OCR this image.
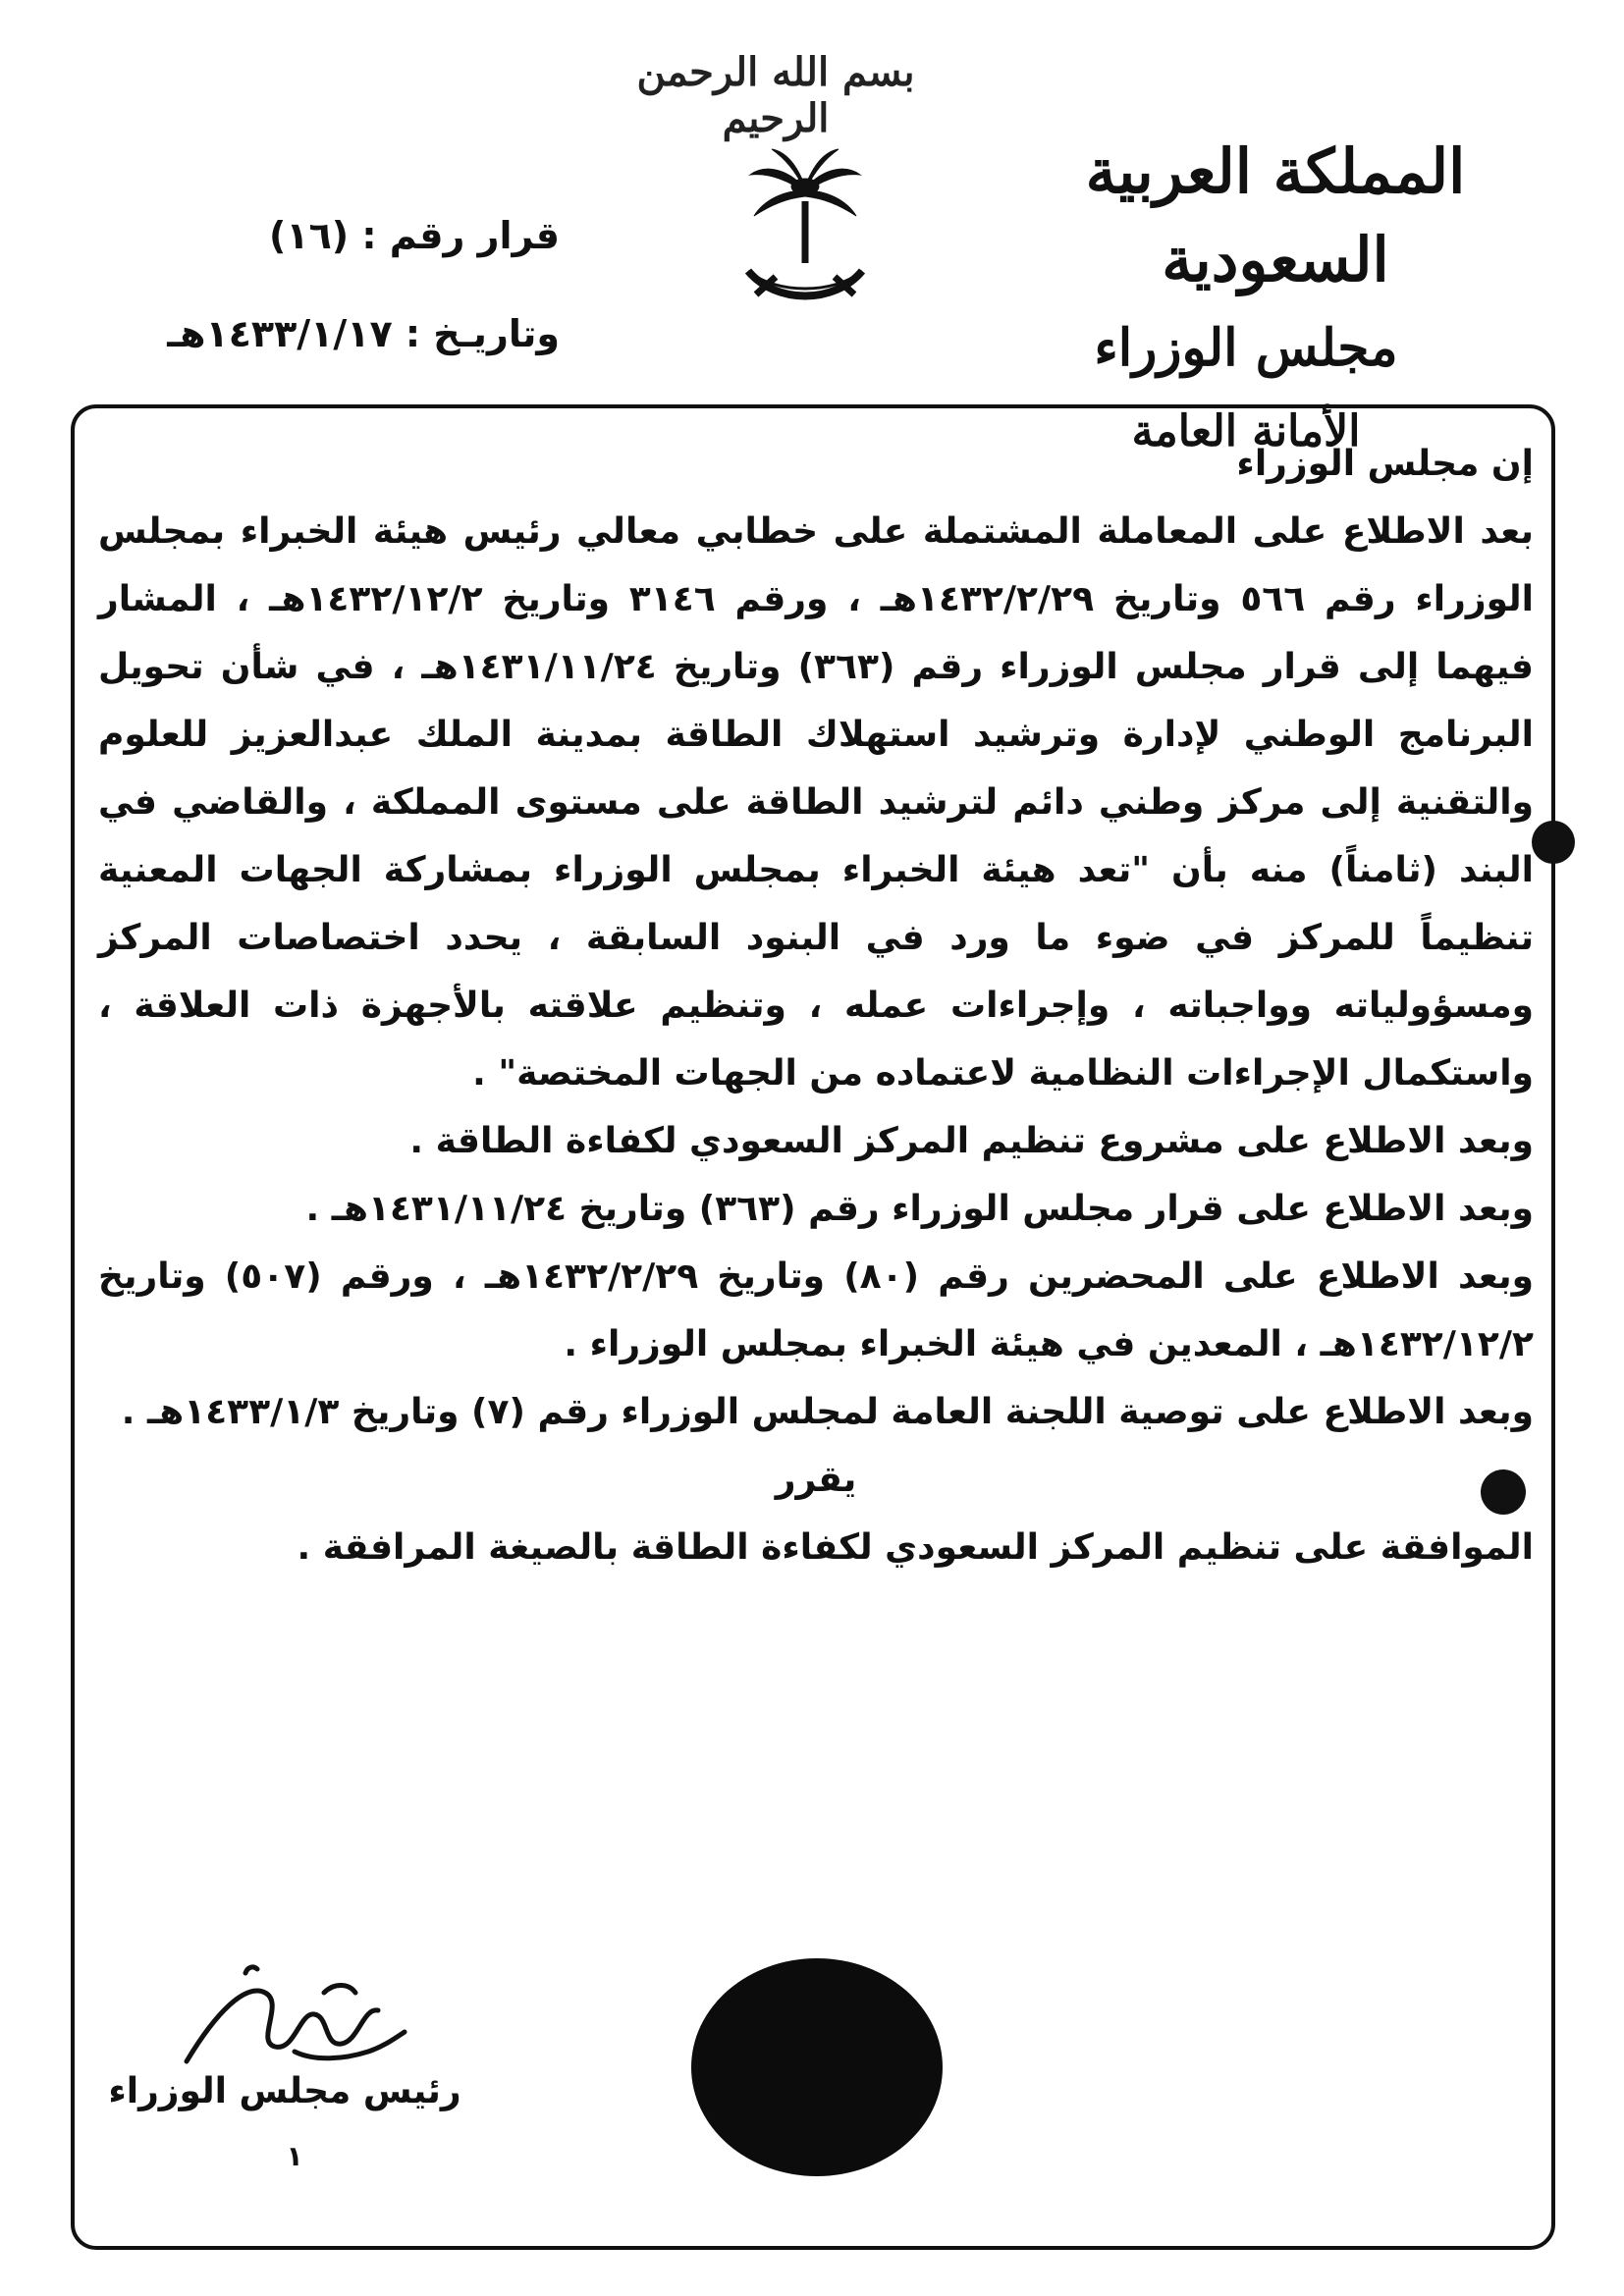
بسم الله الرحمن الرحيم
المملكة العربية السعودية
مجلس الوزراء
الأمانة العامة
قرار رقم : (١٦)
وتاريـخ : ١٤٣٣/١/١٧هـ

إن مجلس الوزراء

بعد الاطلاع على المعاملة المشتملة على خطابي معالي رئيس هيئة الخبراء بمجلس الوزراء رقم ٥٦٦ وتاريخ ١٤٣٢/٢/٢٩هـ ، ورقم ٣١٤٦ وتاريخ ١٤٣٢/١٢/٢هـ ، المشار فيهما إلى قرار مجلس الوزراء رقم (٣٦٣) وتاريخ ١٤٣١/١١/٢٤هـ ، في شأن تحويل البرنامج الوطني لإدارة وترشيد استهلاك الطاقة بمدينة الملك عبدالعزيز للعلوم والتقنية إلى مركز وطني دائم لترشيد الطاقة على مستوى المملكة ، والقاضي في البند (ثامناً) منه بأن "تعد هيئة الخبراء بمجلس الوزراء بمشاركة الجهات المعنية تنظيماً للمركز في ضوء ما ورد في البنود السابقة ، يحدد اختصاصات المركز ومسؤولياته وواجباته ، وإجراءات عمله ، وتنظيم علاقته بالأجهزة ذات العلاقة ، واستكمال الإجراءات النظامية لاعتماده من الجهات المختصة" .

وبعد الاطلاع على مشروع تنظيم المركز السعودي لكفاءة الطاقة .

وبعد الاطلاع على قرار مجلس الوزراء رقم (٣٦٣) وتاريخ ١٤٣١/١١/٢٤هـ .

وبعد الاطلاع على المحضرين رقم (٨٠) وتاريخ ١٤٣٢/٢/٢٩هـ ، ورقم (٥٠٧) وتاريخ ١٤٣٢/١٢/٢هـ ، المعدين في هيئة الخبراء بمجلس الوزراء .

وبعد الاطلاع على توصية اللجنة العامة لمجلس الوزراء رقم (٧) وتاريخ ١٤٣٣/١/٣هـ .

يقرر

الموافقة على تنظيم المركز السعودي لكفاءة الطاقة بالصيغة المرافقة .

رئيس مجلس الوزراء
١
